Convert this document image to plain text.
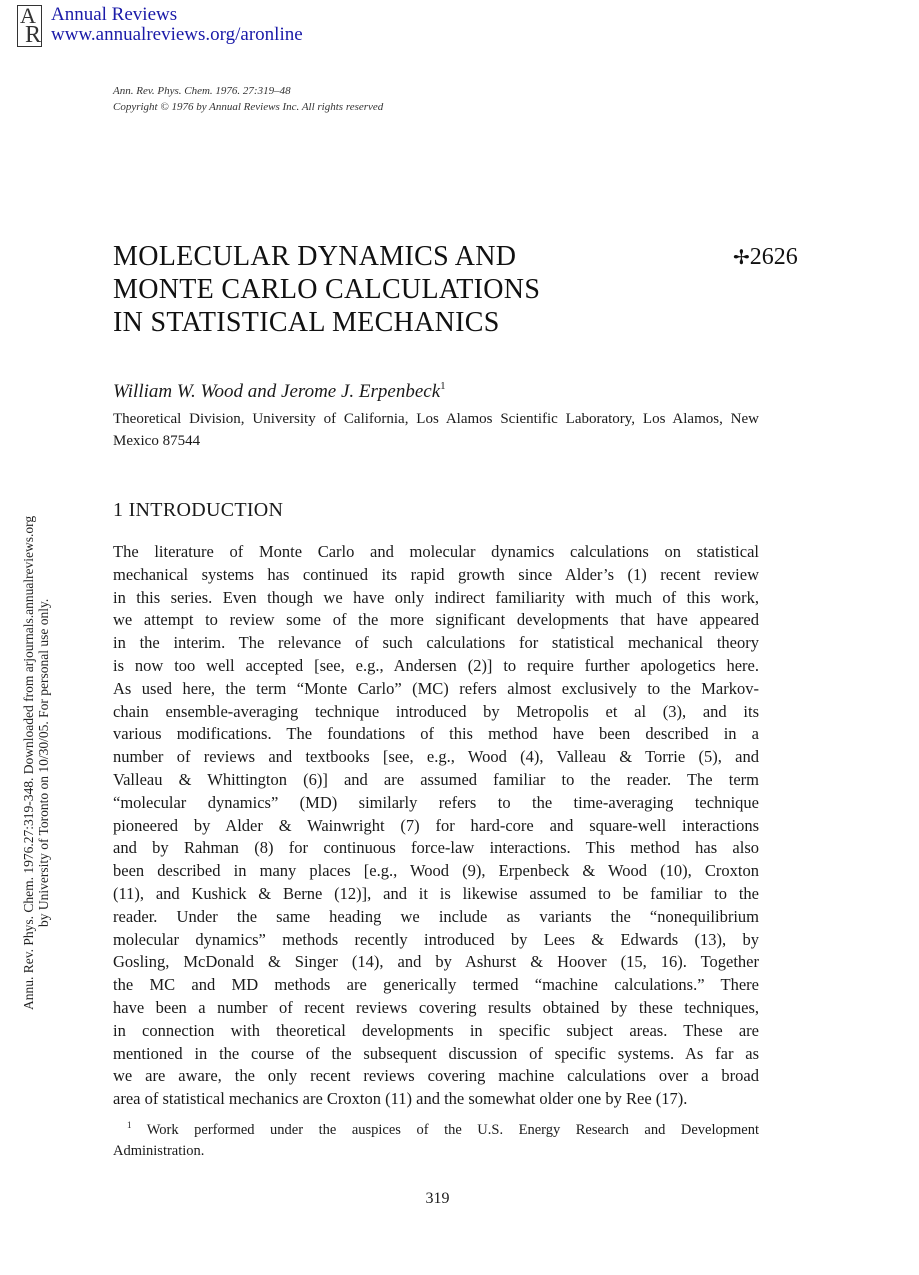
A
R
Annual Reviews
www.annualreviews.org/aronline
Ann. Rev. Phys. Chem. 1976. 27:319–48
Copyright © 1976 by Annual Reviews Inc. All rights reserved
Annu. Rev. Phys. Chem. 1976.27:319-348. Downloaded from arjournals.annualreviews.org by University of Toronto on 10/30/05. For personal use only.
MOLECULAR DYNAMICS AND
MONTE CARLO CALCULATIONS
IN STATISTICAL MECHANICS
✢2626
William W. Wood and Jerome J. Erpenbeck$^1$
Theoretical Division, University of California, Los Alamos Scientific Laboratory, Los Alamos, New Mexico 87544
1 INTRODUCTION
The literature of Monte Carlo and molecular dynamics calculations on statistical
mechanical systems has continued its rapid growth since Alder’s (1) recent review
in this series. Even though we have only indirect familiarity with much of this work,
we attempt to review some of the more significant developments that have appeared
in the interim. The relevance of such calculations for statistical mechanical theory
is now too well accepted [see, e.g., Andersen (2)] to require further apologetics here.
As used here, the term “Monte Carlo” (MC) refers almost exclusively to the Markov-
chain ensemble-averaging technique introduced by Metropolis et al (3), and its
various modifications. The foundations of this method have been described in a
number of reviews and textbooks [see, e.g., Wood (4), Valleau & Torrie (5), and
Valleau & Whittington (6)] and are assumed familiar to the reader. The term
“molecular dynamics” (MD) similarly refers to the time-averaging technique
pioneered by Alder & Wainwright (7) for hard-core and square-well interactions
and by Rahman (8) for continuous force-law interactions. This method has also
been described in many places [e.g., Wood (9), Erpenbeck & Wood (10), Croxton
(11), and Kushick & Berne (12)], and it is likewise assumed to be familiar to the
reader. Under the same heading we include as variants the “nonequilibrium
molecular dynamics” methods recently introduced by Lees & Edwards (13), by
Gosling, McDonald & Singer (14), and by Ashurst & Hoover (15, 16). Together
the MC and MD methods are generically termed “machine calculations.” There
have been a number of recent reviews covering results obtained by these techniques,
in connection with theoretical developments in specific subject areas. These are
mentioned in the course of the subsequent discussion of specific systems. As far as
we are aware, the only recent reviews covering machine calculations over a broad
area of statistical mechanics are Croxton (11) and the somewhat older one by Ree (17).
$^1$ Work performed under the auspices of the U.S. Energy Research and Development
Administration.
319
